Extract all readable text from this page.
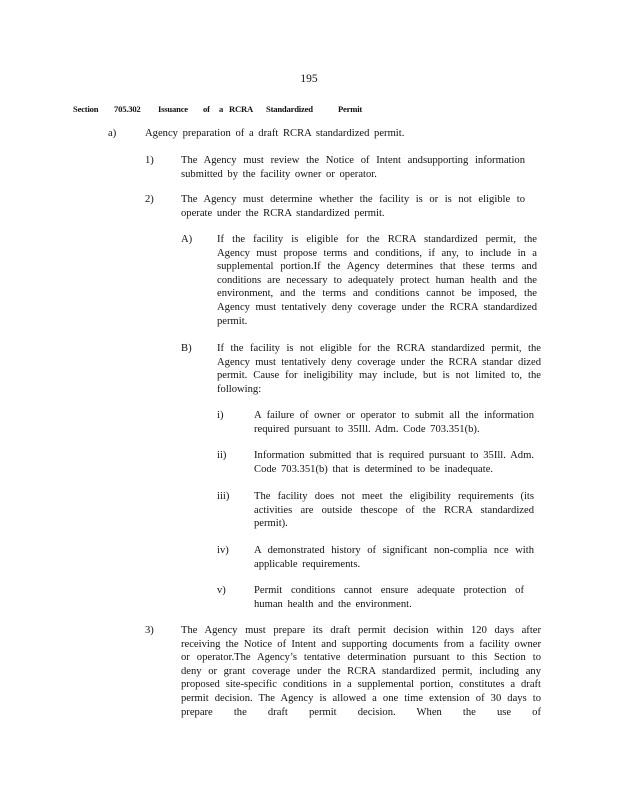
195
Section 705.302 Issuance of a RCRA Standardized	Permit
a)	Agency preparation of a draft RCRA standardized permit.
1)	The Agency must review the Notice of Intent andsupporting information submitted by the facility owner or operator.
2)	The Agency must determine whether the facility is or is not eligible to operate under the RCRA standardized permit.
A) If the facility is eligible for the RCRA standardized permit, the Agency must propose terms and conditions, if any, to include in a supplemental portion.If the Agency determines that these terms and conditions are necessary to adequately protect human health and the environment, and the terms and conditions cannot be imposed, the Agency must tentatively deny coverage under the RCRA standardized permit.
B) If the facility is not eligible for the RCRA standardized permit, the Agency must tentatively deny coverage under the RCRA standar dized permit. Cause for ineligibility may include, but is not limited to, the following:
i)	A failure of owner or operator to submit all the information required pursuant to 35Ill. Adm. Code 703.351(b).
ii)	Information submitted that is required pursuant to 35Ill. Adm. Code 703.351(b) that is determined to be inadequate.
iii) The facility does not meet the eligibility requirements (its activities are outside thescope of the RCRA standardized permit).
iv) A demonstrated history of significant non-complia nce with applicable requirements.
v)	Permit conditions cannot ensure adequate protection of human health and the environment.
3)	The Agency must prepare its draft permit decision within 120 days after receiving the Notice of Intent and supporting documents from a facility owner or operator.The Agency’s tentative determination pursuant to this Section to deny or grant coverage under the RCRA standardized permit, including any proposed site-specific conditions in a supplemental portion, constitutes a draft permit decision. The Agency is allowed a one time extension of 30 days to prepare the draft permit decision. When the use of
